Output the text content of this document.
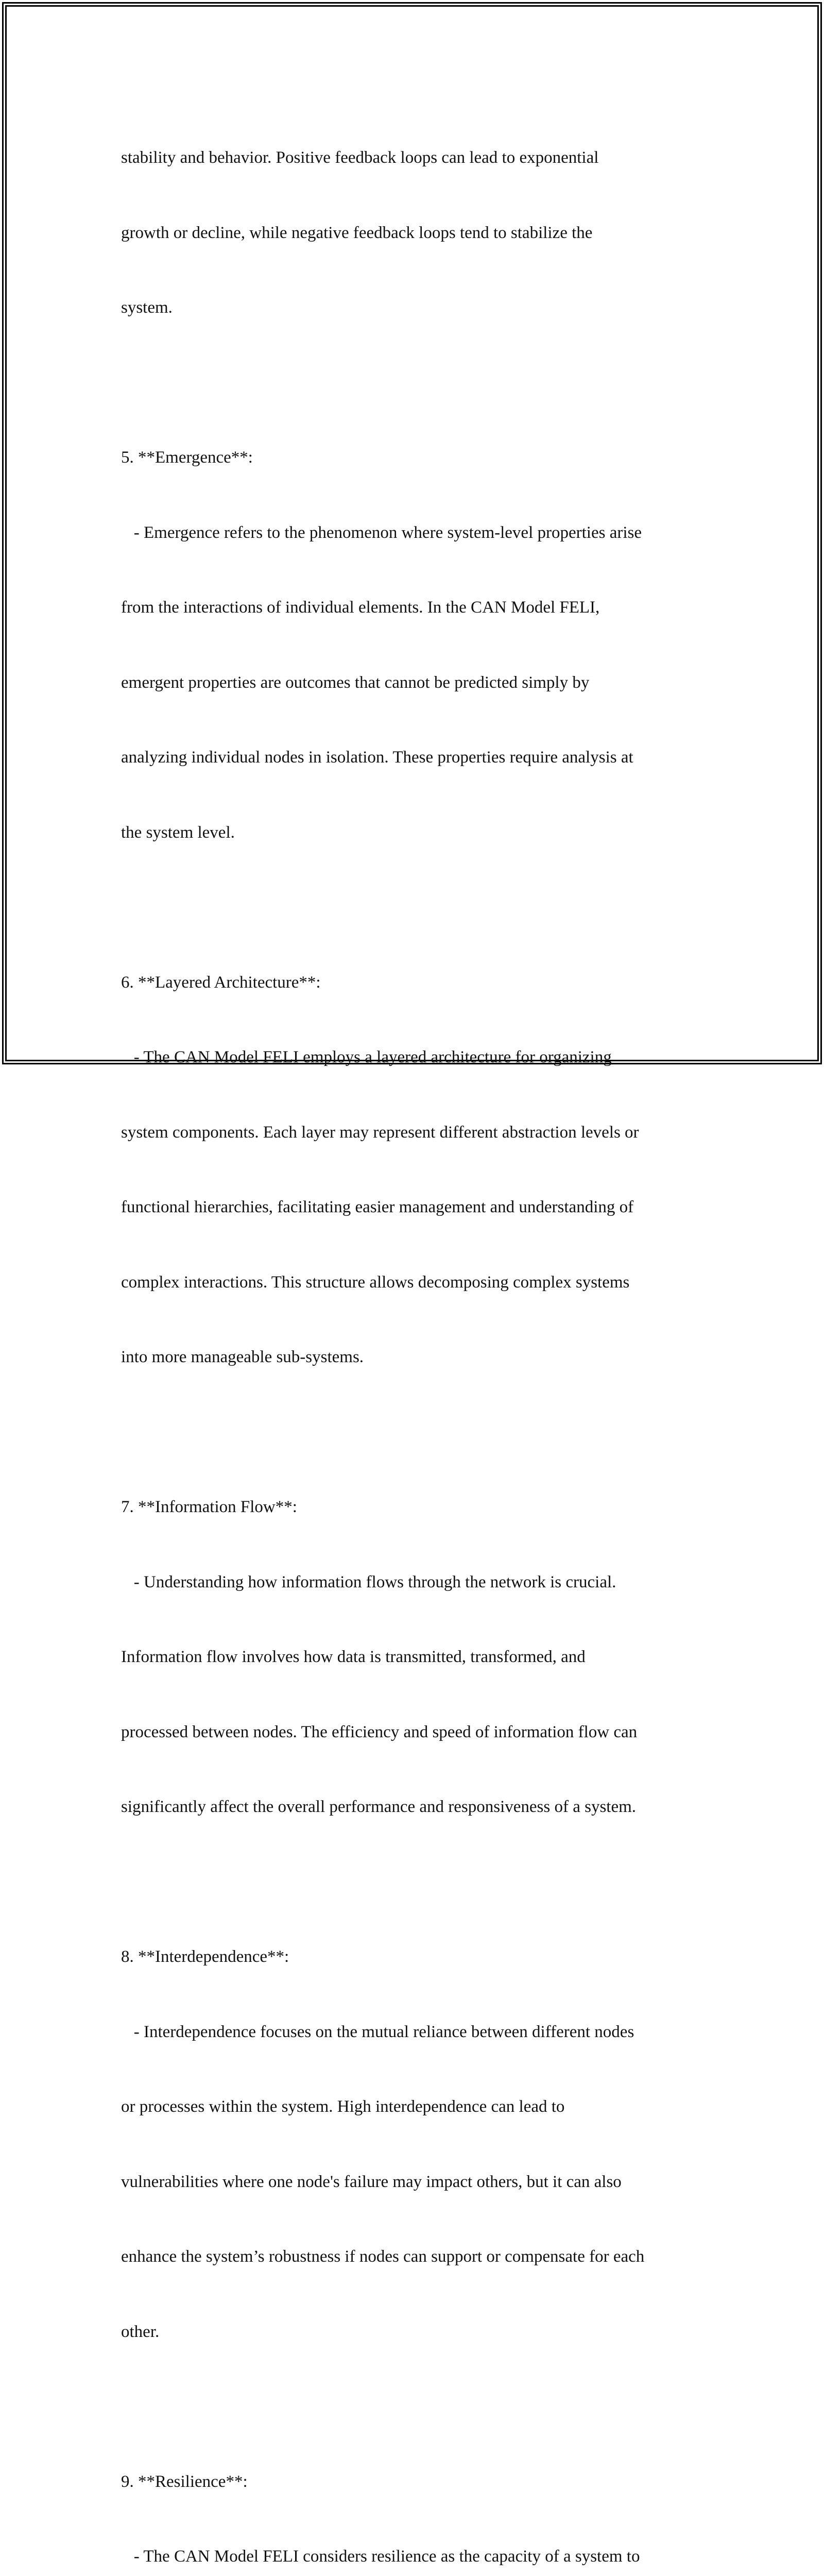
stability and behavior. Positive feedback loops can lead to exponential

growth or decline, while negative feedback loops tend to stabilize the

system.

5. **Emergence**:

- Emergence refers to the phenomenon where system-level properties arise

from the interactions of individual elements. In the CAN Model FELI,

emergent properties are outcomes that cannot be predicted simply by

analyzing individual nodes in isolation. These properties require analysis at

the system level.

6. **Layered Architecture**:

- The CAN Model FELI employs a layered architecture for organizing

system components. Each layer may represent different abstraction levels or

functional hierarchies, facilitating easier management and understanding of

complex interactions. This structure allows decomposing complex systems

into more manageable sub-systems.

7. **Information Flow**:

- Understanding how information flows through the network is crucial.

Information flow involves how data is transmitted, transformed, and

processed between nodes. The efficiency and speed of information flow can

significantly affect the overall performance and responsiveness of a system.

8. **Interdependence**:

- Interdependence focuses on the mutual reliance between different nodes

or processes within the system. High interdependence can lead to

vulnerabilities where one node's failure may impact others, but it can also

enhance the system’s robustness if nodes can support or compensate for each

other.

9. **Resilience**:

- The CAN Model FELI considers resilience as the capacity of a system to
